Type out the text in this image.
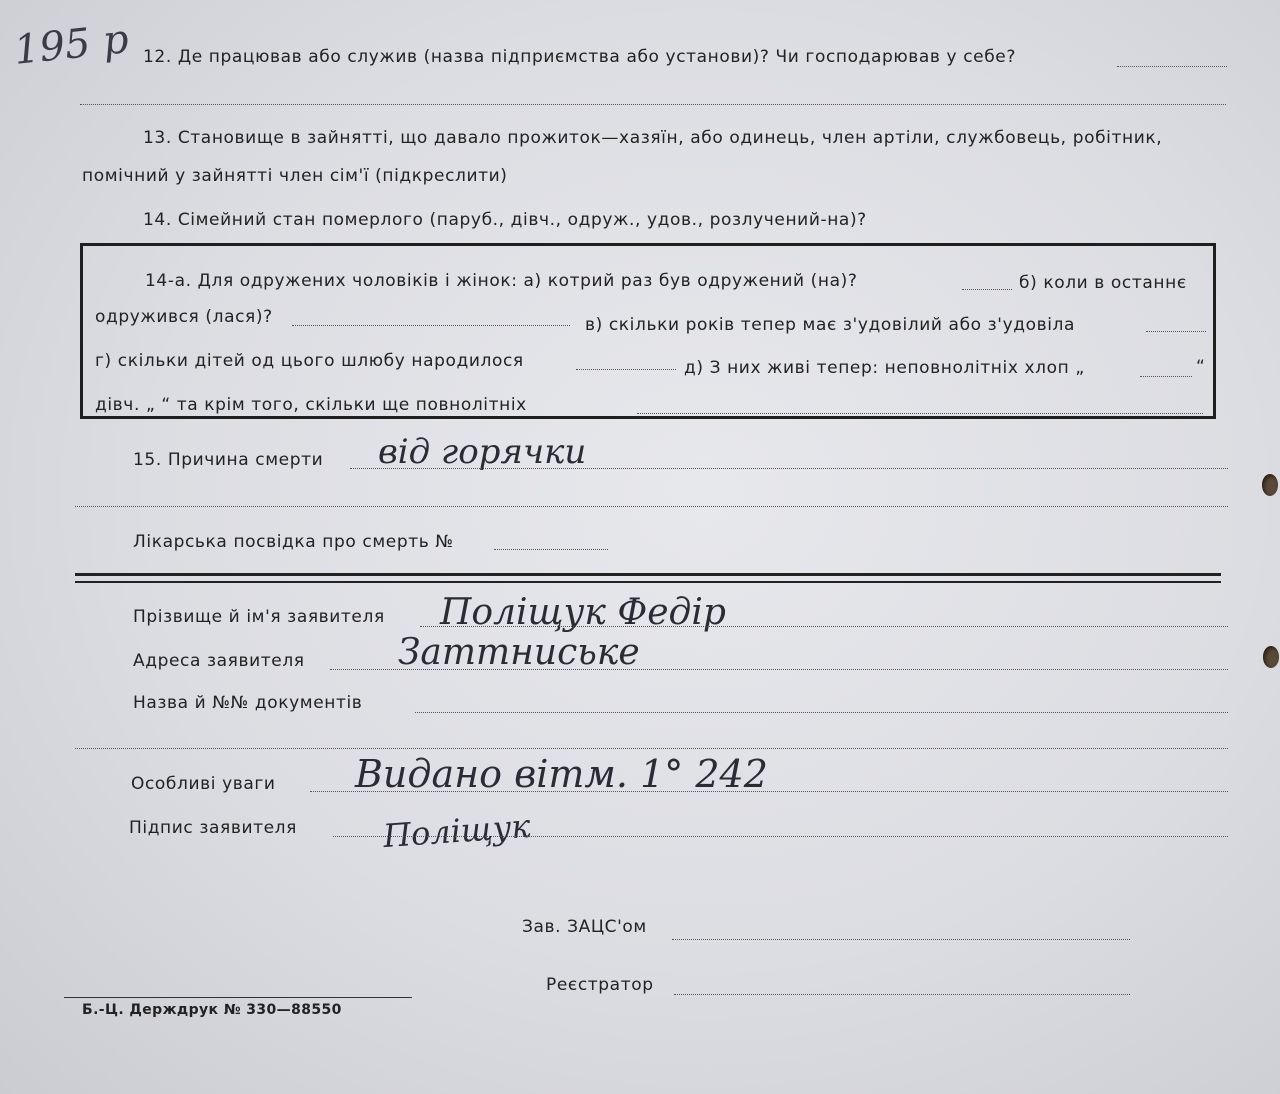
195 р 12. Де працював або служив (назва підприємства або установи)? Чи господарював у себе?
13. Становище в зайнятті, що давало прожиток—хазяїн, або одинець, член артіли, службовець, робітник,
помічний у зайнятті член сім'ї (підкреслити)
14. Сімейний стан померлого (паруб., дівч., одруж., удов., розлучений-на)?
14-а. Для одружених чоловіків і жінок: а) котрий раз був одружений (на)?	б) коли в останнє
одружився (лася)?	в) скільки років тепер має з'удовілий або з'удовіла
г) скільки дітей од цього шлюбу народилося	д) З них живі тепер: неповнолітніх хлоп „	“
дівч. „ “ та крім того, скільки ще повнолітніх
15. Причина смерти від горячки
Лікарська посвідка про смерть №
Прізвище й ім'я заявителя Поліщук Федір
Адреса заявителя	Заттниське
Назва й №№ документів
Особливі уваги Видано вітм. 1° 242
Підпис заявителя	Поліщук
Зав. ЗАЦС'ом
Реєстратор
Б.-Ц. Держдрук № 330—88550
